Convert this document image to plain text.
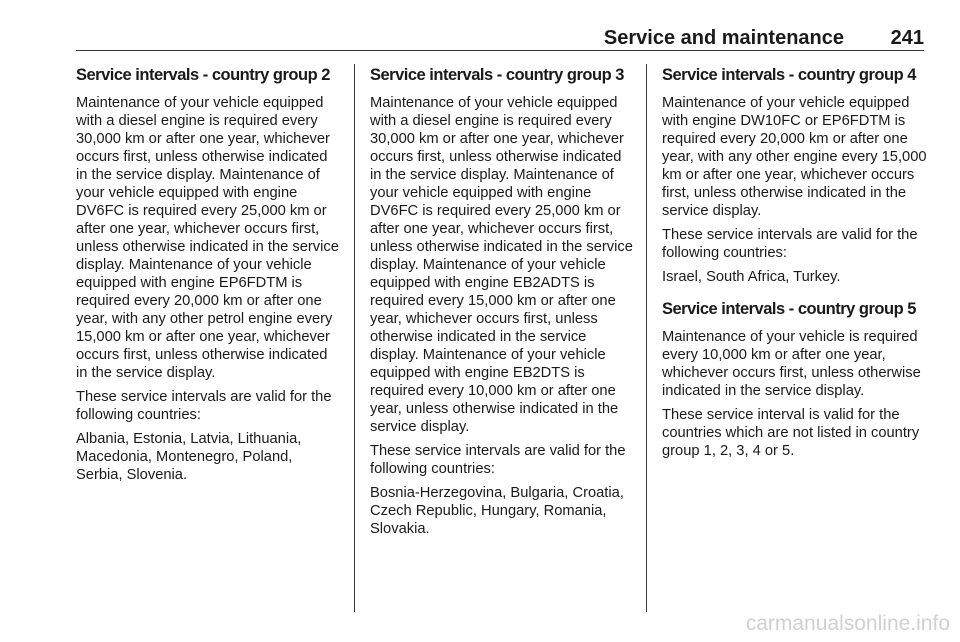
Service and maintenance 241
Service intervals - country group 2

Maintenance of your vehicle equipped with a diesel engine is required every 30,000 km or after one year, whichever occurs first, unless otherwise indicated in the service display. Maintenance of your vehicle equipped with engine DV6FC is required every 25,000 km or after one year, whichever occurs first, unless otherwise indicated in the service display. Maintenance of your vehicle equipped with engine EP6FDTM is required every 20,000 km or after one year, with any other petrol engine every 15,000 km or after one year, whichever occurs first, unless otherwise indicated in the service display.

These service intervals are valid for the following countries:

Albania, Estonia, Latvia, Lithuania, Macedonia, Montenegro, Poland, Serbia, Slovenia.

Service intervals - country group 3

Maintenance of your vehicle equipped with a diesel engine is required every 30,000 km or after one year, whichever occurs first, unless otherwise indicated in the service display. Maintenance of your vehicle equipped with engine DV6FC is required every 25,000 km or after one year, whichever occurs first, unless otherwise indicated in the service display. Maintenance of your vehicle equipped with engine EB2ADTS is required every 15,000 km or after one year, whichever occurs first, unless otherwise indicated in the service display. Maintenance of your vehicle equipped with engine EB2DTS is required every 10,000 km or after one year, unless otherwise indicated in the service display.

These service intervals are valid for the following countries:

Bosnia-Herzegovina, Bulgaria, Croatia, Czech Republic, Hungary, Romania, Slovakia.

Service intervals - country group 4

Maintenance of your vehicle equipped with engine DW10FC or EP6FDTM is required every 20,000 km or after one year, with any other engine every 15,000 km or after one year, whichever occurs first, unless otherwise indicated in the service display.

These service intervals are valid for the following countries:

Israel, South Africa, Turkey.

Service intervals - country group 5

Maintenance of your vehicle is required every 10,000 km or after one year, whichever occurs first, unless otherwise indicated in the service display.

These service interval is valid for the countries which are not listed in country group 1, 2, 3, 4 or 5.

carmanualsonline.info
